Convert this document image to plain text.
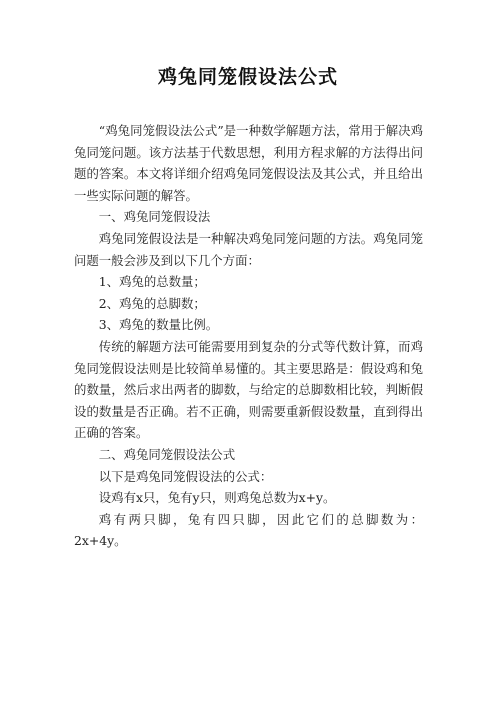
鸡兔同笼假设法公式

“鸡兔同笼假设法公式”是一种数学解题方法，常用于解决鸡兔同笼问题。该方法基于代数思想，利用方程求解的方法得出问题的答案。本文将详细介绍鸡兔同笼假设法及其公式，并且给出一些实际问题的解答。

一、鸡兔同笼假设法

鸡兔同笼假设法是一种解决鸡兔同笼问题的方法。鸡兔同笼问题一般会涉及到以下几个方面：

1、鸡兔的总数量；

2、鸡兔的总脚数；

3、鸡兔的数量比例。

传统的解题方法可能需要用到复杂的分式等代数计算，而鸡兔同笼假设法则是比较简单易懂的。其主要思路是：假设鸡和兔的数量，然后求出两者的脚数，与给定的总脚数相比较，判断假设的数量是否正确。若不正确，则需要重新假设数量，直到得出正确的答案。

二、鸡兔同笼假设法公式

以下是鸡兔同笼假设法的公式：

设鸡有x只，兔有y只，则鸡兔总数为x+y。

鸡有两只脚，兔有四只脚，因此它们的总脚数为：2x+4y。
